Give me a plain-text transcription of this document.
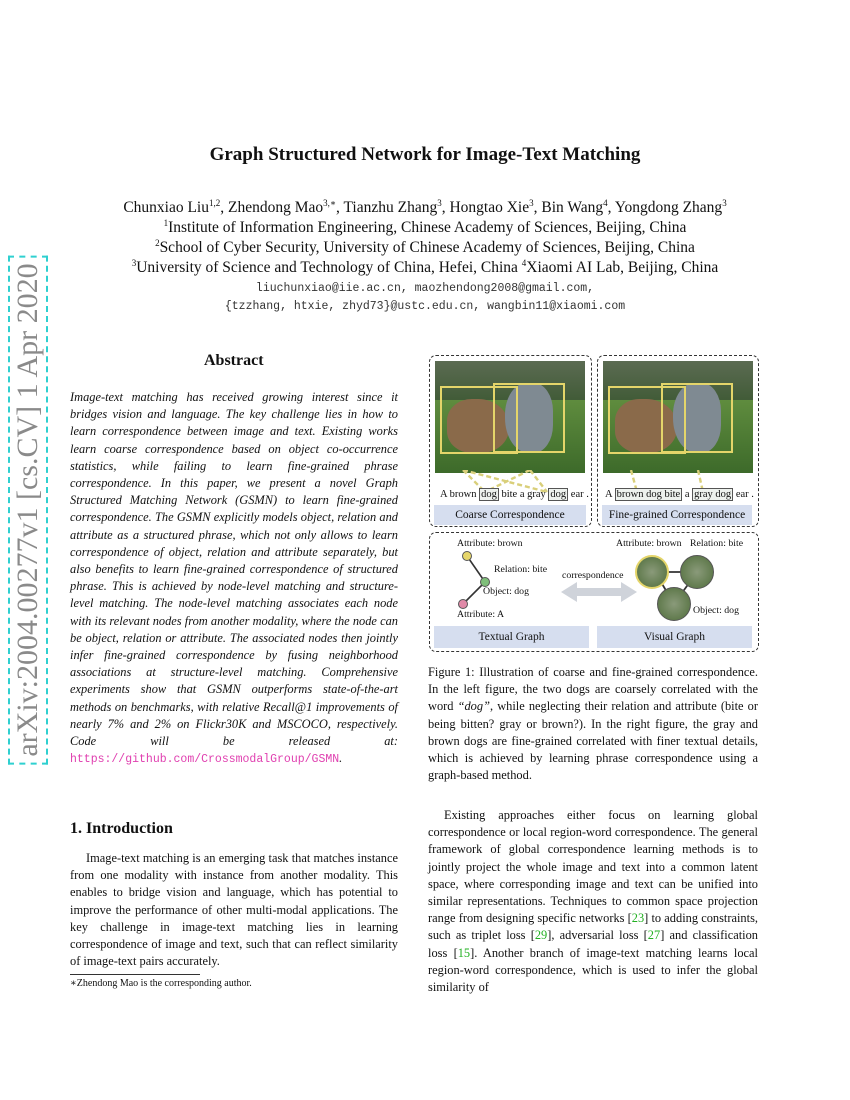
arXiv:2004.00277v1 [cs.CV] 1 Apr 2020
Graph Structured Network for Image-Text Matching
Chunxiao Liu$^{1,2}$, Zhendong Mao$^{3,∗}$, Tianzhu Zhang$^3$, Hongtao Xie$^3$, Bin Wang$^4$, Yongdong Zhang$^3$
$^1$Institute of Information Engineering, Chinese Academy of Sciences, Beijing, China
$^2$School of Cyber Security, University of Chinese Academy of Sciences, Beijing, China
$^3$University of Science and Technology of China, Hefei, China $^4$Xiaomi AI Lab, Beijing, China
liuchunxiao@iie.ac.cn, maozhendong2008@gmail.com,
{tzzhang, htxie, zhyd73}@ustc.edu.cn, wangbin11@xiaomi.com
Abstract
Image-text matching has received growing interest since it bridges vision and language. The key challenge lies in how to learn correspondence between image and text. Existing works learn coarse correspondence based on object co-occurrence statistics, while failing to learn fine-grained phrase correspondence. In this paper, we present a novel Graph Structured Matching Network (GSMN) to learn fine-grained correspondence. The GSMN explicitly models object, relation and attribute as a structured phrase, which not only allows to learn correspondence of object, relation and attribute separately, but also benefits to learn fine-grained correspondence of structured phrase. This is achieved by node-level matching and structure-level matching. The node-level matching associates each node with its relevant nodes from another modality, where the node can be object, relation or attribute. The associated nodes then jointly infer fine-grained correspondence by fusing neighborhood associations at structure-level matching. Comprehensive experiments show that GSMN outperforms state-of-the-art methods on benchmarks, with relative Recall@1 improvements of nearly 7% and 2% on Flickr30K and MSCOCO, respectively. Code will be released at: https://github.com/CrossmodalGroup/GSMN.
1. Introduction
Image-text matching is an emerging task that matches instance from one modality with instance from another modality. This enables to bridge vision and language, which has potential to improve the performance of other multi-modal applications. The key challenge in image-text matching lies in learning correspondence of image and text, such that can reflect similarity of image-text pairs accurately.
∗Zhendong Mao is the corresponding author.
A brown dog bite a gray dog ear .
Coarse Correspondence
A brown dog bite a gray dog ear .
Fine-grained Correspondence
Attribute: brown
Relation: bite
Object: dog
Attribute: A
correspondence
Attribute: brown Relation: bite
Object: dog
Textual Graph	Visual Graph
Figure 1: Illustration of coarse and fine-grained correspondence. In the left figure, the two dogs are coarsely correlated with the word “dog”, while neglecting their relation and attribute (bite or being bitten? gray or brown?). In the right figure, the gray and brown dogs are fine-grained correlated with finer textual details, which is achieved by learning phrase correspondence using a graph-based method.
Existing approaches either focus on learning global correspondence or local region-word correspondence. The general framework of global correspondence learning methods is to jointly project the whole image and text into a common latent space, where corresponding image and text can be unified into similar representations. Techniques to common space projection range from designing specific networks [23] to adding constraints, such as triplet loss [29], adversarial loss [27] and classification loss [15]. Another branch of image-text matching learns local region-word correspondence, which is used to infer the global similarity of
